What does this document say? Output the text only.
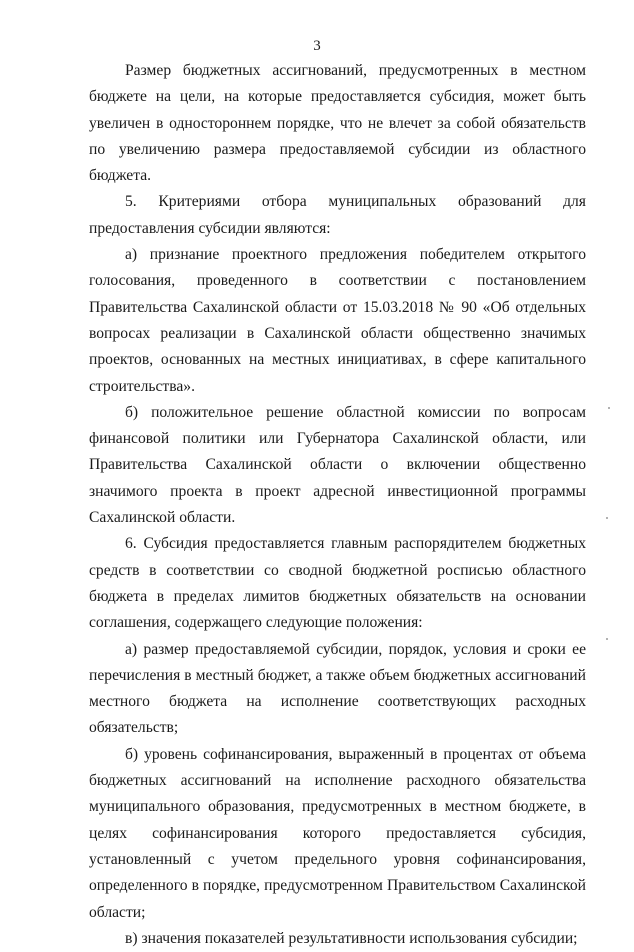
3

Размер бюджетных ассигнований, предусмотренных в местном бюджете на цели, на которые предоставляется субсидия, может быть увеличен в одностороннем порядке, что не влечет за собой обязательств по увеличению размера предоставляемой субсидии из областного бюджета.

5. Критериями отбора муниципальных образований для предоставления субсидии являются:

а) признание проектного предложения победителем открытого голосования, проведенного в соответствии с постановлением Правительства Сахалинской области от 15.03.2018 № 90 «Об отдельных вопросах реализации в Сахалинской области общественно значимых проектов, основанных на местных инициативах, в сфере капитального строительства».

б) положительное решение областной комиссии по вопросам финансовой политики или Губернатора Сахалинской области, или Правительства Сахалинской области о включении общественно значимого проекта в проект адресной инвестиционной программы Сахалинской области.

6. Субсидия предоставляется главным распорядителем бюджетных средств в соответствии со сводной бюджетной росписью областного бюджета в пределах лимитов бюджетных обязательств на основании соглашения, содержащего следующие положения:

а) размер предоставляемой субсидии, порядок, условия и сроки ее перечисления в местный бюджет, а также объем бюджетных ассигнований местного бюджета на исполнение соответствующих расходных обязательств;

б) уровень софинансирования, выраженный в процентах от объема бюджетных ассигнований на исполнение расходного обязательства муниципального образования, предусмотренных в местном бюджете, в целях софинансирования которого предоставляется субсидия, установленный с учетом предельного уровня софинансирования, определенного в порядке, предусмотренном Правительством Сахалинской области;

в) значения показателей результативности использования субсидии;
